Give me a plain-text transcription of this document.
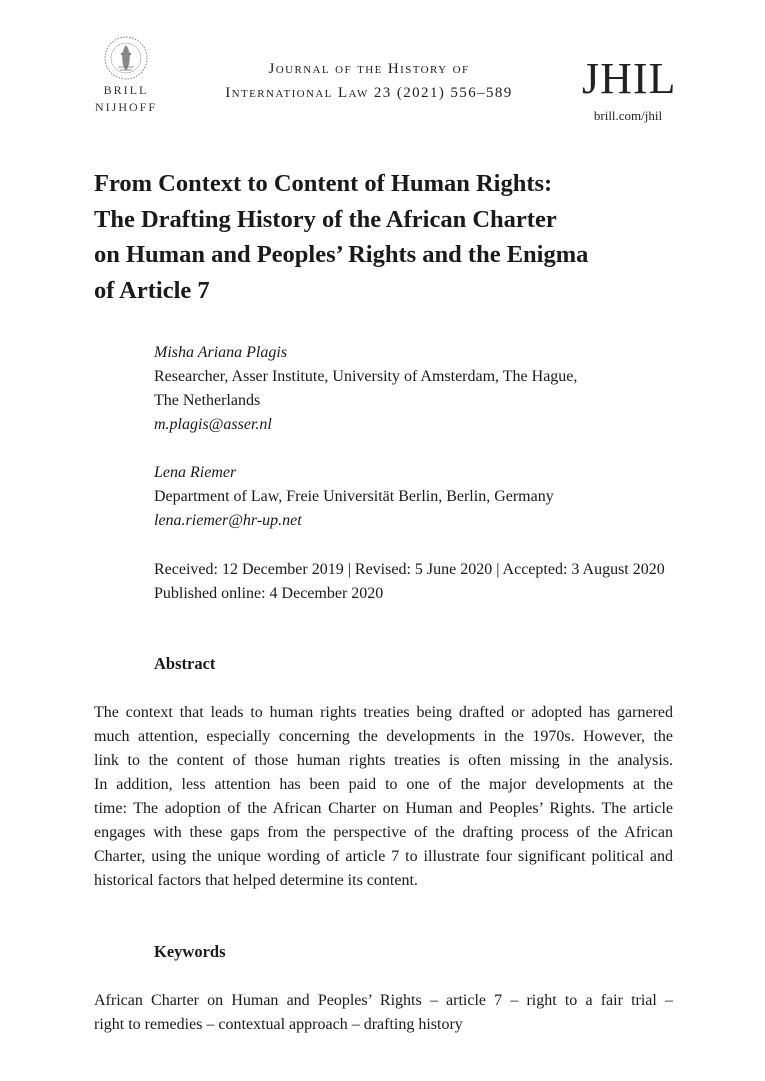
BRILL
NIJHOFF
Journal of the History of
International Law 23 (2021) 556–589	JHIL
brill.com/jhil
From Context to Content of Human Rights:
The Drafting History of the African Charter
on Human and Peoples’ Rights and the Enigma
of Article 7
Misha Ariana Plagis
Researcher, Asser Institute, University of Amsterdam, The Hague,
The Netherlands
m.plagis@asser.nl
Lena Riemer
Department of Law, Freie Universität Berlin, Berlin, Germany
lena.riemer@hr-up.net
Received: 12 December 2019 | Revised: 5 June 2020 | Accepted: 3 August 2020
Published online: 4 December 2020
Abstract

The context that leads to human rights treaties being drafted or adopted has garnered
much attention, especially concerning the developments in the 1970s. However, the
link to the content of those human rights treaties is often missing in the analysis.
In addition, less attention has been paid to one of the major developments at the
time: The adoption of the African Charter on Human and Peoples’ Rights. The article
engages with these gaps from the perspective of the drafting process of the African
Charter, using the unique wording of article 7 to illustrate four significant political and
historical factors that helped determine its content.

Keywords

African Charter on Human and Peoples’ Rights – article 7 – right to a fair trial –
right to remedies – contextual approach – drafting history
